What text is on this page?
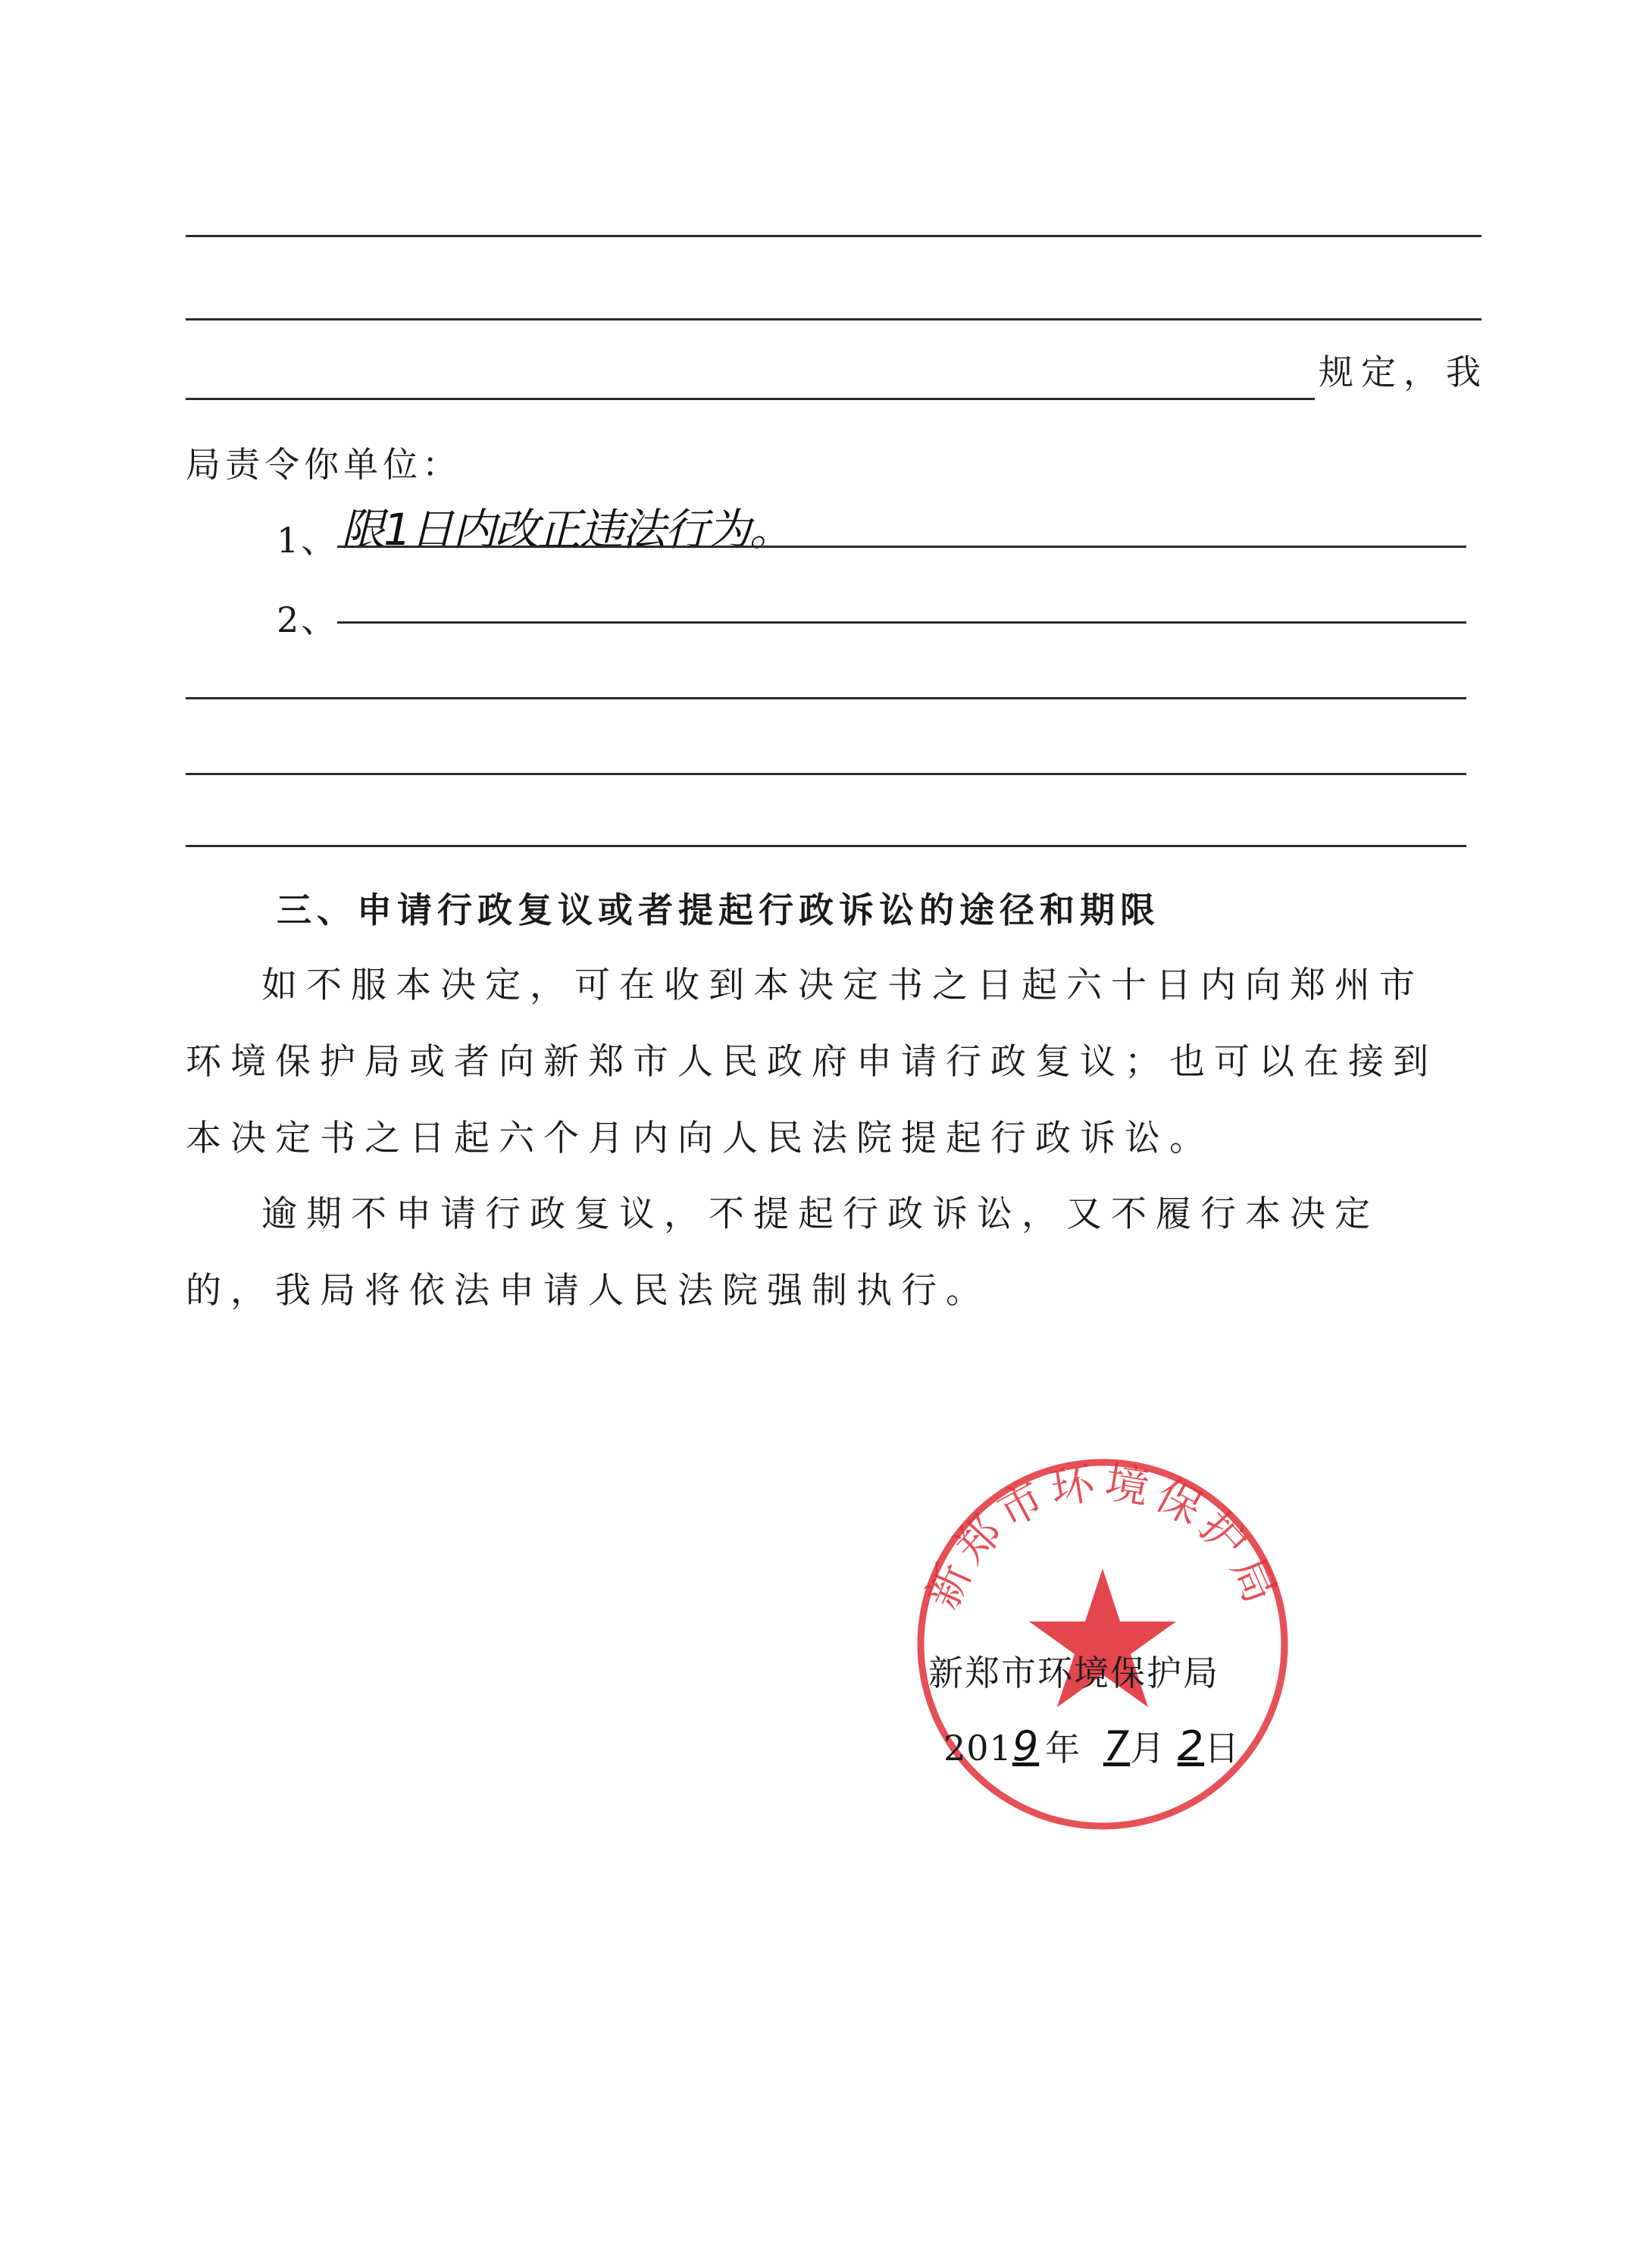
规定，我
局责令你单位：
1、 限1日内改正违法行为。
2、
三、申请行政复议或者提起行政诉讼的途径和期限
如不服本决定，可在收到本决定书之日起六十日内向郑州市环境保护局或者向新郑市人民政府申请行政复议；也可以在接到本决定书之日起六个月内向人民法院提起行政诉讼。
逾期不申请行政复议，不提起行政诉讼，又不履行本决定的，我局将依法申请人民法院强制执行。
新郑市环境保护局
新郑市环境保护局
2019 年 7月 2日
